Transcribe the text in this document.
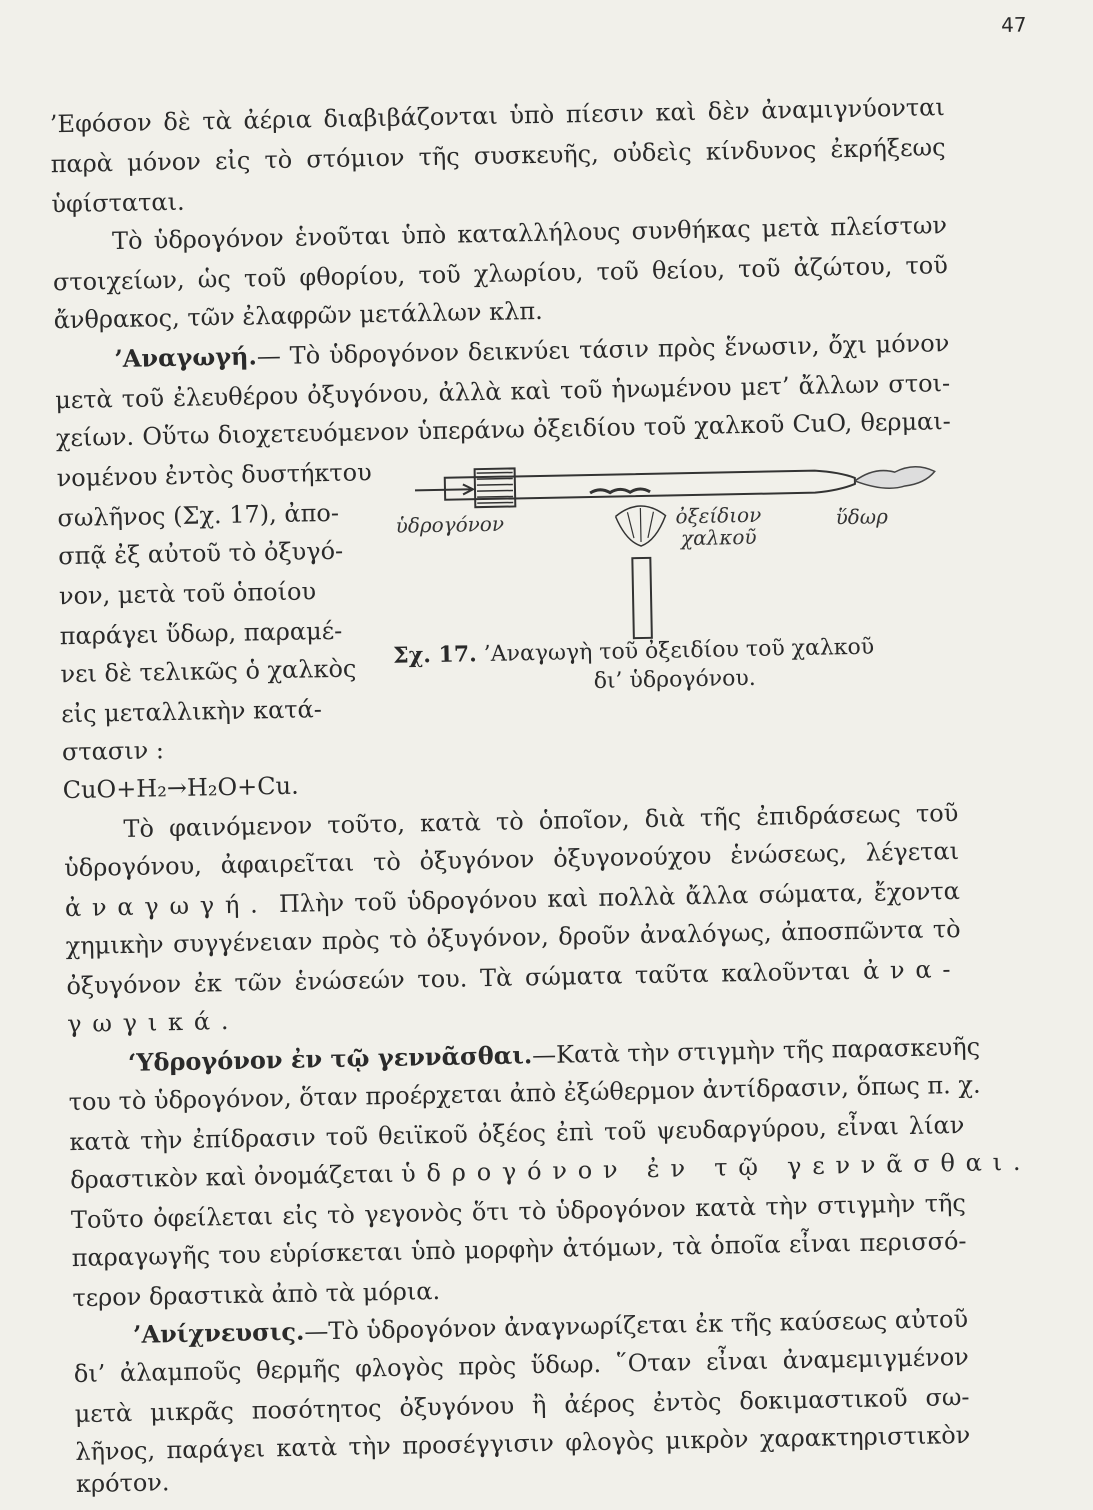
47
’Εφόσον δὲ τὰ ἀέρια διαβιβάζονται ὑπὸ πίεσιν καὶ δὲν ἀναμιγνύονται
παρὰ μόνον εἰς τὸ στόμιον τῆς συσκευῆς, οὐδεὶς κίνδυνος ἐκρήξεως
ὑφίσταται.
Τὸ ὑδρογόνον ἑνοῦται ὑπὸ καταλλήλους συνθήκας μετὰ πλείστων
στοιχείων, ὡς τοῦ φθορίου, τοῦ χλωρίου, τοῦ θείου, τοῦ ἀζώτου, τοῦ
ἄνθρακος, τῶν ἐλαφρῶν μετάλλων κλπ.
’Αναγωγή.— Τὸ ὑδρογόνον δεικνύει τάσιν πρὸς ἕνωσιν, ὄχι μόνον
μετὰ τοῦ ἐλευθέρου ὀξυγόνου, ἀλλὰ καὶ τοῦ ἡνωμένου μετ’ ἄλλων στοι-
χείων. Οὕτω διοχετευόμενον ὑπεράνω ὀξειδίου τοῦ χαλκοῦ CuO, θερμαι-
νομένου ἐντὸς δυστήκτου
σωλῆνος (Σχ. 17), ἀπο-
σπᾷ ἐξ αὐτοῦ τὸ ὀξυγό-
νον, μετὰ τοῦ ὁποίου
παράγει ὕδωρ, παραμέ-
νει δὲ τελικῶς ὁ χαλκὸς
εἰς μεταλλικὴν κατά-
στασιν :
CuO+H₂→H₂O+Cu.
ὑδρογόνον	ὀξείδιον
χαλκοῦ
ὕδωρ
Σχ. 17. ’Αναγωγὴ τοῦ ὀξειδίου τοῦ χαλκοῦ
δι’ ὑδρογόνου.
Τὸ φαινόμενον τοῦτο, κατὰ τὸ ὁποῖον, διὰ τῆς ἐπιδράσεως τοῦ
ὑδρογόνου, ἀφαιρεῖται τὸ ὀξυγόνον ὀξυγονούχου ἑνώσεως, λέγεται
ἀναγωγή. Πλὴν τοῦ ὑδρογόνου καὶ πολλὰ ἄλλα σώματα, ἔχοντα
χημικὴν συγγένειαν πρὸς τὸ ὀξυγόνον, δροῦν ἀναλόγως, ἀποσπῶντα τὸ
ὀξυγόνον ἐκ τῶν ἑνώσεών του. Τὰ σώματα ταῦτα καλοῦνται ἀνα-
γωγικά.
‘Υδρογόνον ἐν τῷ γεννᾶσθαι.—Κατὰ τὴν στιγμὴν τῆς παρασκευῆς
του τὸ ὑδρογόνον, ὅταν προέρχεται ἀπὸ ἐξώθερμον ἀντίδρασιν, ὅπως π. χ.
κατὰ τὴν ἐπίδρασιν τοῦ θειϊκοῦ ὀξέος ἐπὶ τοῦ ψευδαργύρου, εἶναι λίαν
δραστικὸν καὶ ὀνομάζεται ὑδρογόνον ἐν τῷ γεννᾶσθαι.
Τοῦτο ὀφείλεται εἰς τὸ γεγονὸς ὅτι τὸ ὑδρογόνον κατὰ τὴν στιγμὴν τῆς
παραγωγῆς του εὑρίσκεται ὑπὸ μορφὴν ἀτόμων, τὰ ὁποῖα εἶναι περισσό-
τερον δραστικὰ ἀπὸ τὰ μόρια.
’Ανίχνευσις.—Τὸ ὑδρογόνον ἀναγνωρίζεται ἐκ τῆς καύσεως αὐτοῦ
δι’ ἀλαμποῦς θερμῆς φλογὸς πρὸς ὕδωρ. ῞Οταν εἶναι ἀναμεμιγμένον
μετὰ μικρᾶς ποσότητος ὀξυγόνου ἢ ἀέρος ἐντὸς δοκιμαστικοῦ σω-
λῆνος, παράγει κατὰ τὴν προσέγγισιν φλογὸς μικρὸν χαρακτηριστικὸν
κρότον.
